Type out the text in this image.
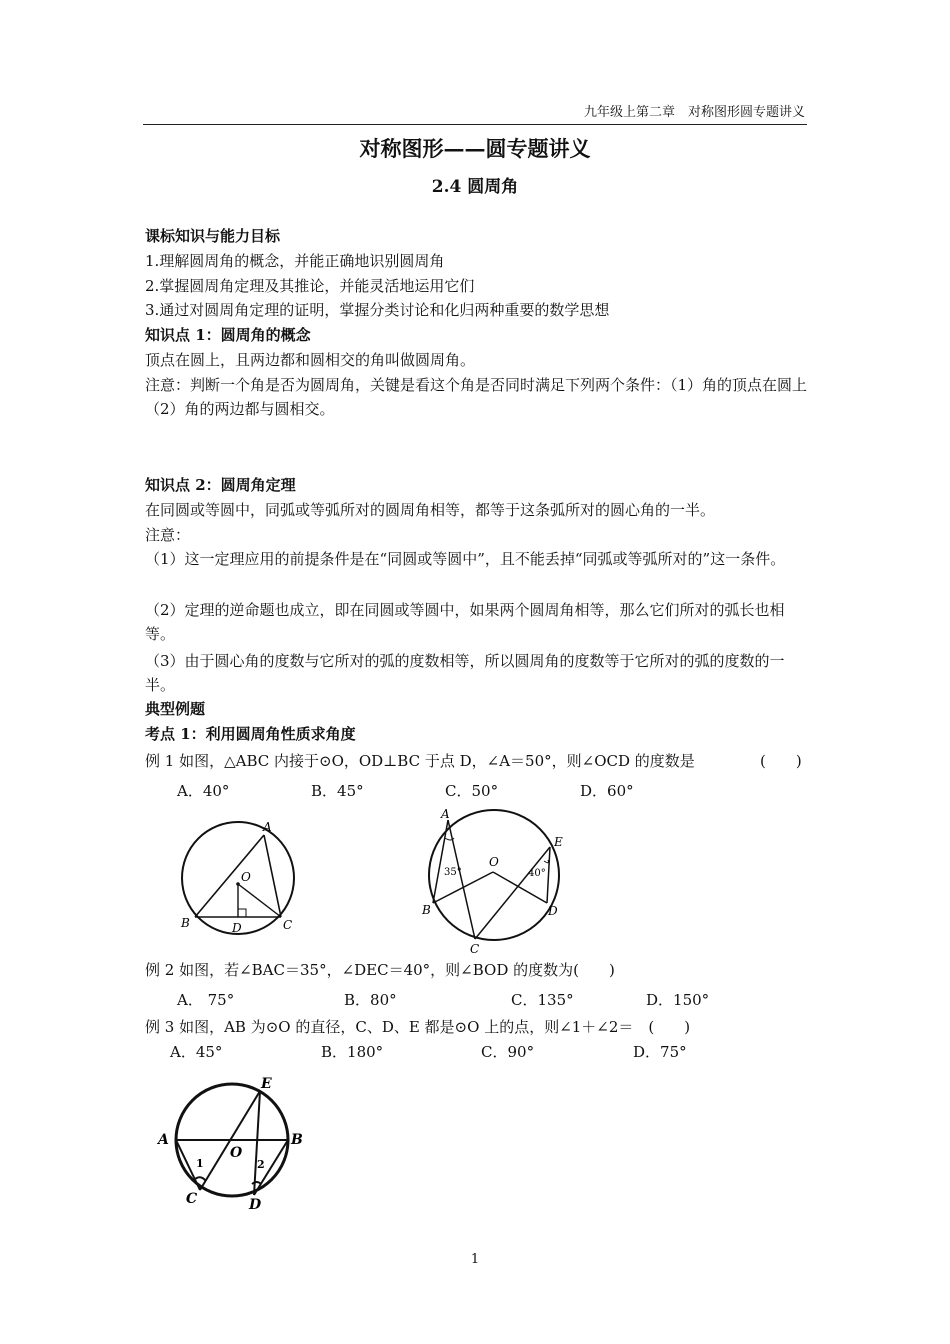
九年级上第二章　对称图形圆专题讲义
对称图形——圆专题讲义
2.4 圆周角
课标知识与能力目标
1.理解圆周角的概念，并能正确地识别圆周角
2.掌握圆周角定理及其推论，并能灵活地运用它们
3.通过对圆周角定理的证明，掌握分类讨论和化归两种重要的数学思想
知识点 1：圆周角的概念
顶点在圆上，且两边都和圆相交的角叫做圆周角。
注意：判断一个角是否为圆周角，关键是看这个角是否同时满足下列两个条件：（1）角的顶点在圆上（2）角的两边都与圆相交。
知识点 2：圆周角定理
在同圆或等圆中，同弧或等弧所对的圆周角相等，都等于这条弧所对的圆心角的一半。
注意：
（1）这一定理应用的前提条件是在“同圆或等圆中”，且不能丢掉“同弧或等弧所对的”这一条件。
（2）定理的逆命题也成立，即在同圆或等圆中，如果两个圆周角相等，那么它们所对的弧长也相等。
（3）由于圆心角的度数与它所对的弧的度数相等，所以圆周角的度数等于它所对的弧的度数的一半。
典型例题
考点 1：利用圆周角性质求角度
例 1 如图，△ABC 内接于⊙O，OD⊥BC 于点 D，∠A＝50°，则∠OCD 的度数是	(　　)
A．40°	B．45°	C．50°	D．60°
A
B	C
D
O
A
B
C
D
E
O
35°	40°
例 2 如图，若∠BAC＝35°，∠DEC＝40°，则∠BOD 的度数为(　　)
A． 75°	B．80°	C．135°	D．150°
例 3 如图，AB 为⊙O 的直径，C、D、E 都是⊙O 上的点，则∠1＋∠2＝　(　　)
A．45°	B．180°	C．90°	D．75°
A	B
C	D
E
O
1	2
1
